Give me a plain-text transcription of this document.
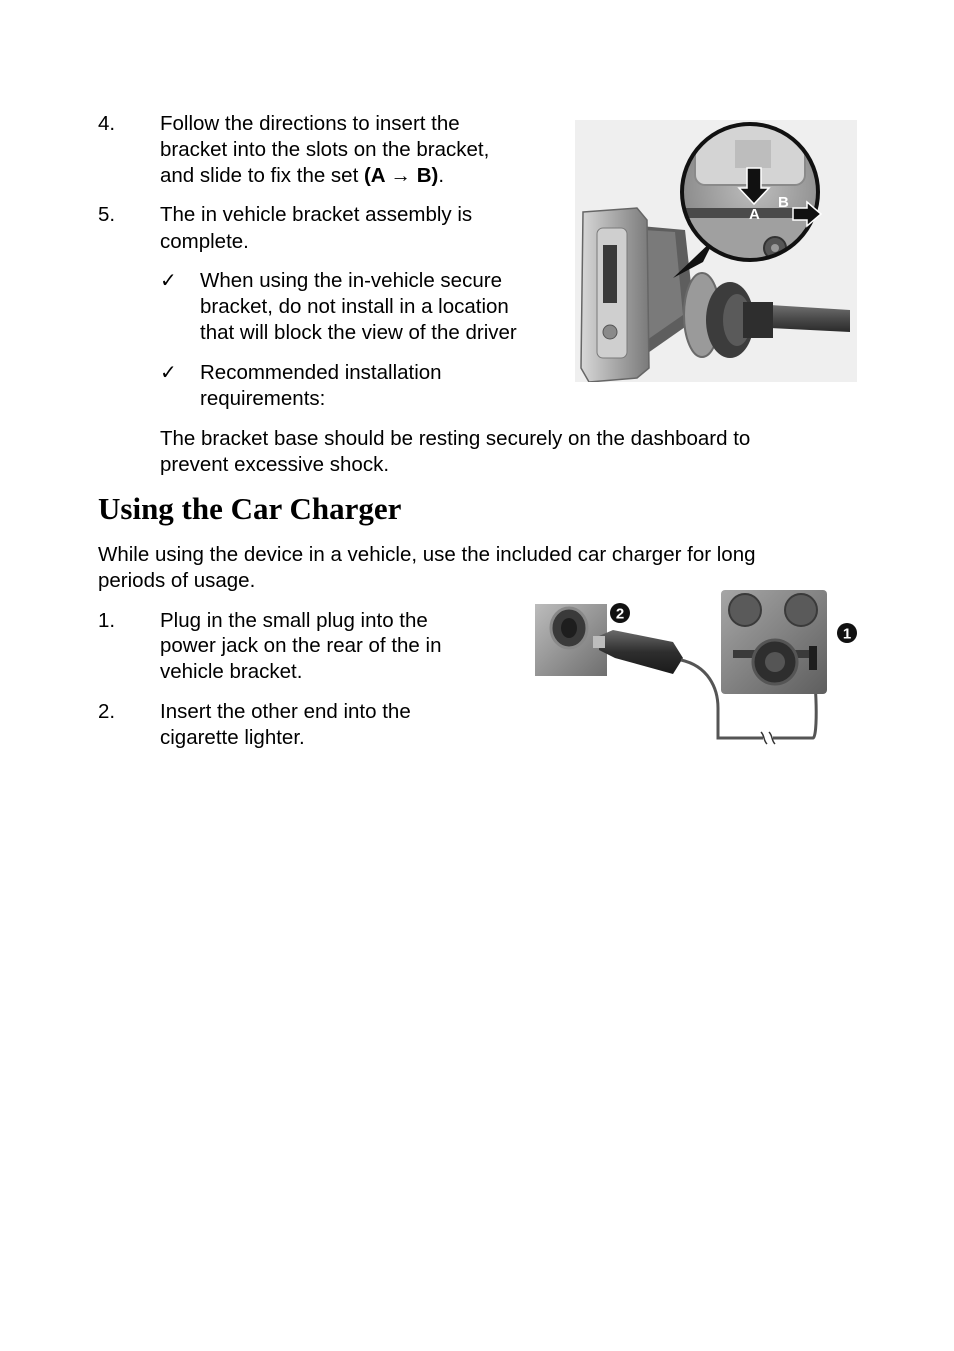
4. Follow the directions to insert the
bracket into the slots on the bracket,
and slide to fix the set (A → B).
5. The in vehicle bracket assembly is
complete.
✓ When using the in-vehicle secure
bracket, do not install in a location
that will block the view of the driver
✓ Recommended installation
requirements:
The bracket base should be resting securely on the dashboard to
prevent excessive shock.
A
B
Using the Car Charger
While using the device in a vehicle, use the included car charger for long
periods of usage.
1. Plug in the small plug into the
power jack on the rear of the in
vehicle bracket.
2. Insert the other end into the
cigarette lighter.
2
1
